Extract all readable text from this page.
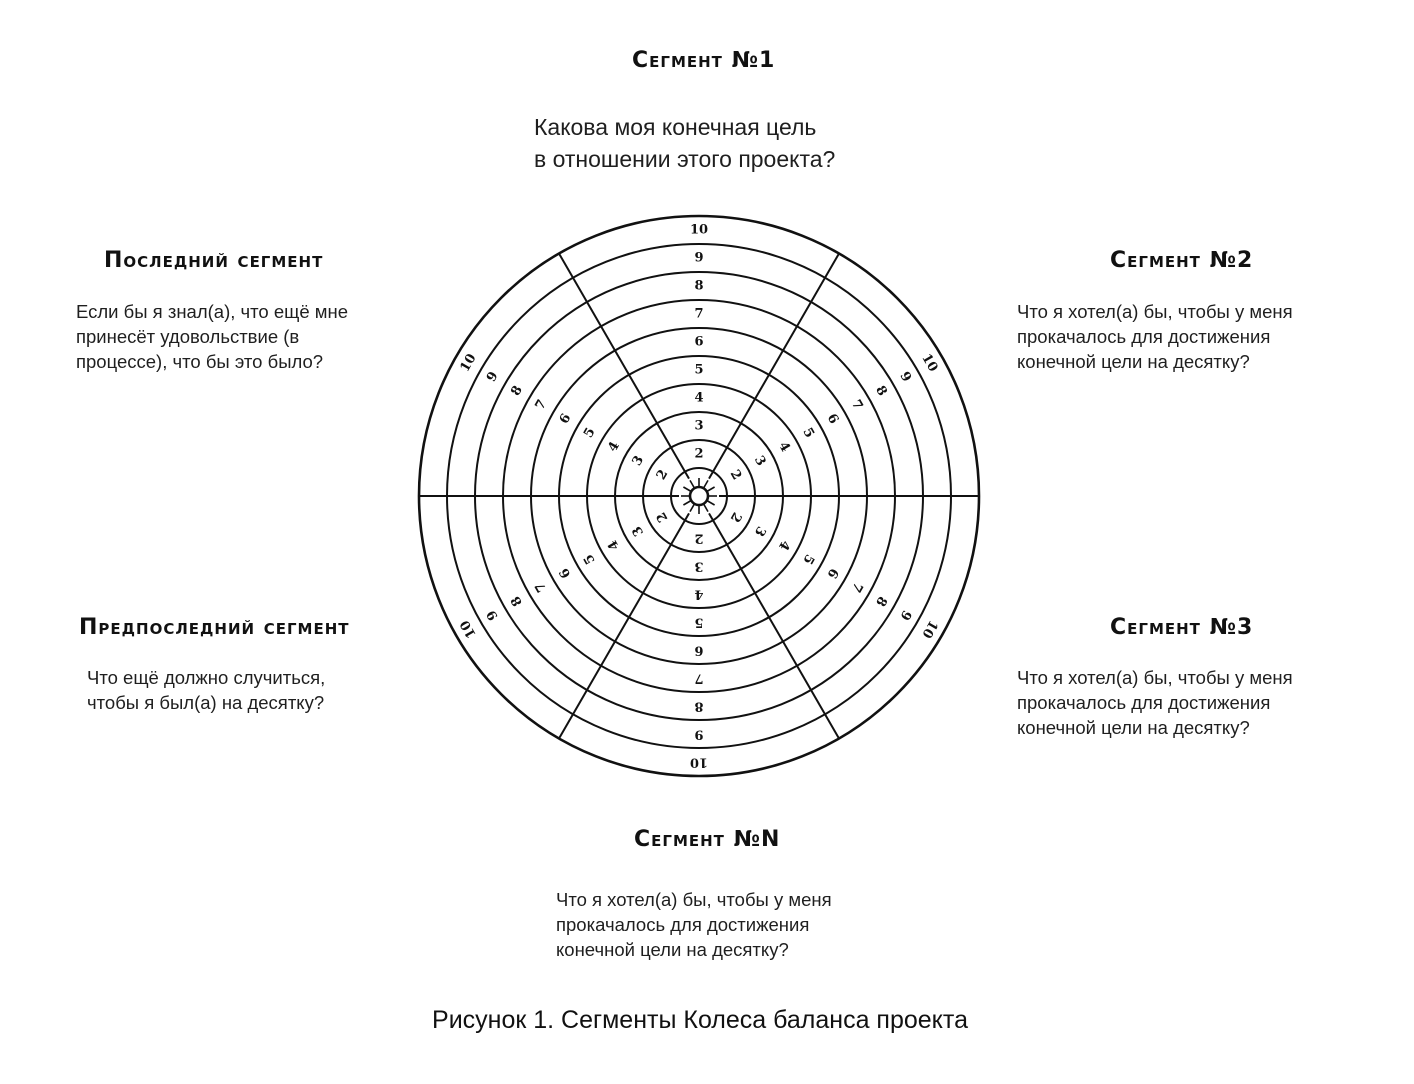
Сегмент №1
Какова моя конечная цель
в отношении этого проекта?
Последний сегмент
Если бы я знал(а), что ещё мне
принесёт удовольствие (в
процессе), что бы это было?
Сегмент №2
Что я хотел(а) бы, чтобы у меня
прокачалось для достижения
конечной цели на десятку?
Предпоследний сегмент
Что ещё должно случиться,
чтобы я был(а) на десятку?
Сегмент №3
Что я хотел(а) бы, чтобы у меня
прокачалось для достижения
конечной цели на десятку?
Сегмент №N
Что я хотел(а) бы, чтобы у меня
прокачалось для достижения
конечной цели на десятку?
2
3
4
5
6
7
8
9
10
2
3
4
5
6
7
8
9
10
2
3
4
5
6
7
8
9
10
2
3
4
5
6
7
8
9
10
2
3
4
5
6
7
8
9
10
2
3
4
5
6
7
8
9
10
Рисунок 1. Сегменты Колеса баланса проекта
